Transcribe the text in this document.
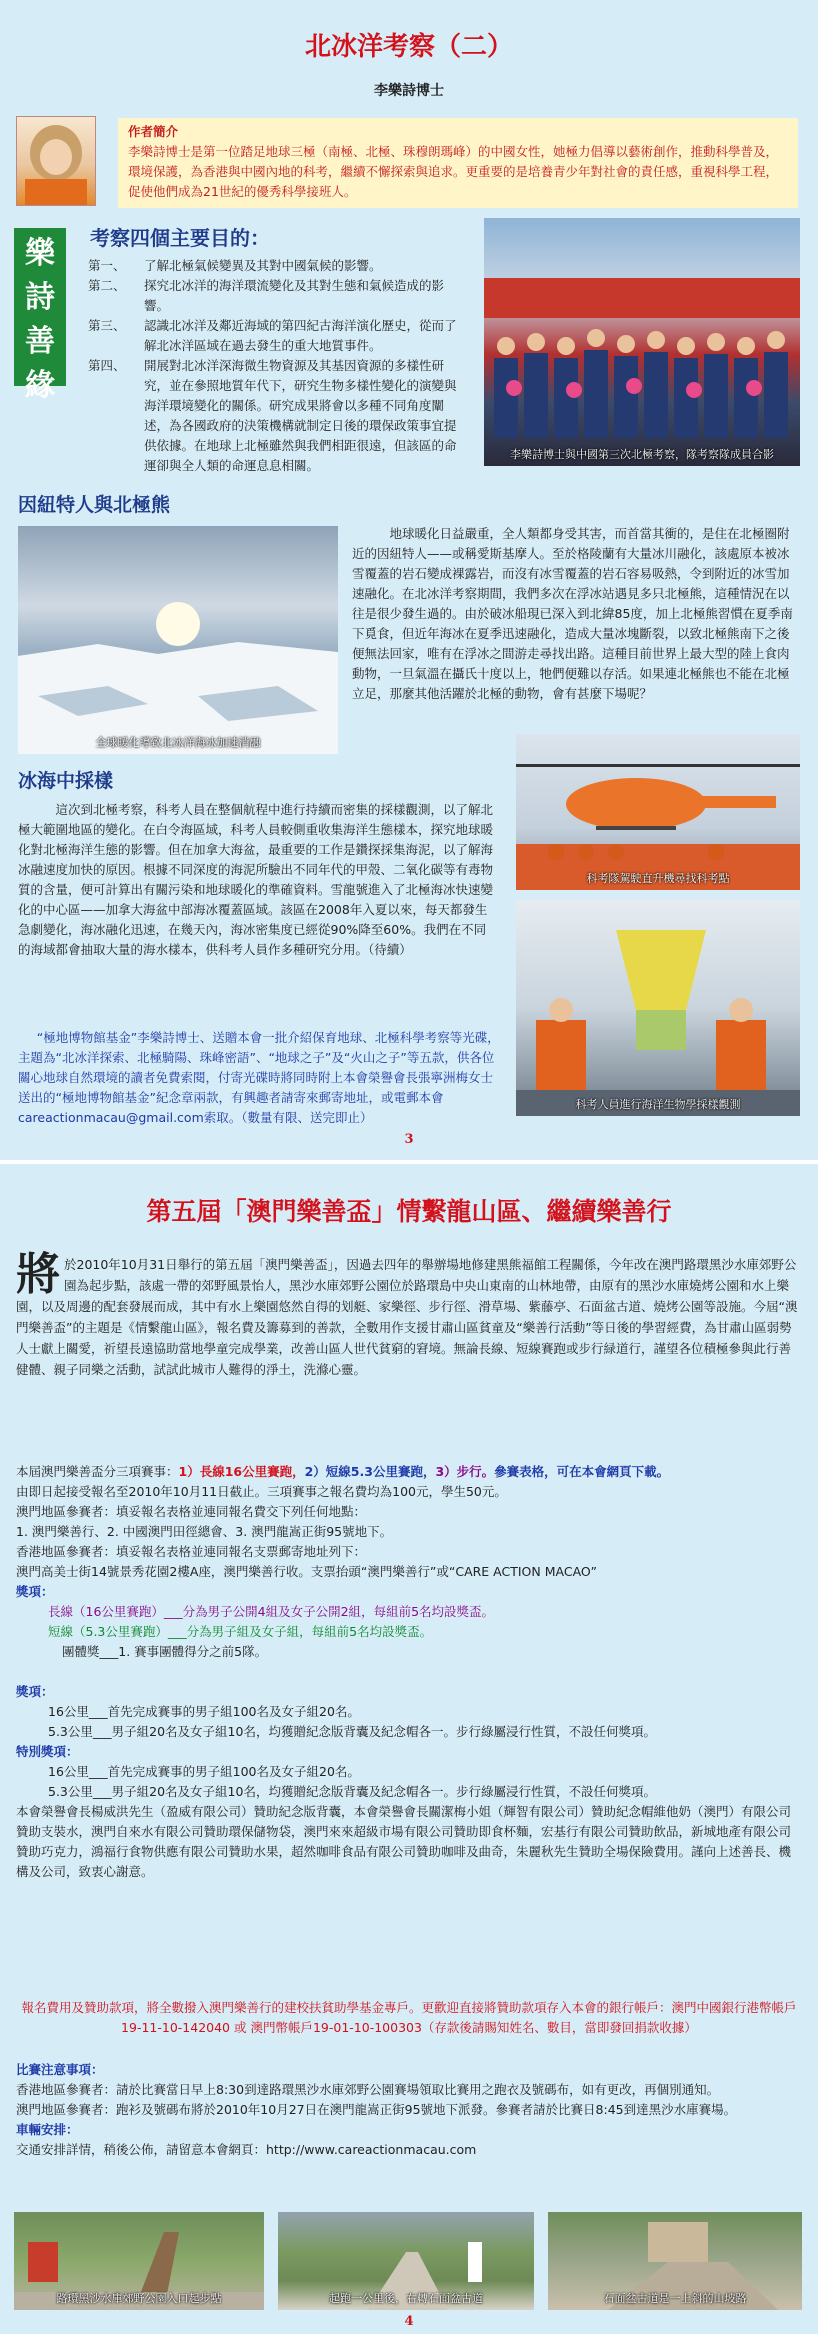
北冰洋考察（二）
李樂詩博士
作者簡介
李樂詩博士是第一位踏足地球三極（南極、北極、珠穆朗瑪峰）的中國女性，她極力倡導以藝術創作，推動科學普及，環境保護，為香港與中國內地的科考，繼續不懈探索與追求。更重要的是培養青少年對社會的責任感，重視科學工程，促使他們成為21世紀的優秀科學接班人。
樂
詩
善
緣
考察四個主要目的：
第一、	了解北極氣候變異及其對中國氣候的影響。
第二、	探究北冰洋的海洋環流變化及其對生態和氣候造成的影響。
第三、	認識北冰洋及鄰近海域的第四紀古海洋演化歷史，從而了解北冰洋區域在過去發生的重大地質事件。
第四、	開展對北冰洋深海微生物資源及其基因資源的多樣性研究，並在參照地質年代下，研究生物多樣性變化的演變與海洋環境變化的關係。研究成果將會以多種不同角度闡述，為各國政府的決策機構就制定日後的環保政策事宜提供依據。在地球上北極雖然與我們相距很遠，但該區的命運卻與全人類的命運息息相關。
李樂詩博士與中國第三次北極考察，隊考察隊成員合影
因紐特人與北極熊
全球暖化導致北冰洋海冰加速消融
地球暖化日益嚴重，全人類都身受其害，而首當其衝的，是住在北極圈附近的因紐特人——或稱愛斯基摩人。至於格陵蘭有大量冰川融化，該處原本被冰雪覆蓋的岩石變成裸露岩，而沒有冰雪覆蓋的岩石容易吸熱，令到附近的冰雪加速融化。在北冰洋考察期間，我們多次在浮冰站遇見多只北極熊，這種情況在以往是很少發生過的。由於破冰船現已深入到北緯85度，加上北極熊習慣在夏季南下覓食，但近年海冰在夏季迅速融化，造成大量冰塊斷裂，以致北極熊南下之後便無法回家，唯有在浮冰之間游走尋找出路。這種目前世界上最大型的陸上食肉動物，一旦氣溫在攝氏十度以上，牠們便難以存活。如果連北極熊也不能在北極立足，那麼其他活躍於北極的動物，會有甚麼下場呢？
冰海中採樣
這次到北極考察，科考人員在整個航程中進行持續而密集的採樣觀測，以了解北極大範圍地區的變化。在白令海區域，科考人員較側重收集海洋生態樣本，探究地球暖化對北極海洋生態的影響。但在加拿大海盆，最重要的工作是鑽探採集海泥，以了解海冰融速度加快的原因。根據不同深度的海泥所驗出不同年代的甲殼、二氧化碳等有毒物質的含量，便可計算出有關污染和地球暖化的準確資料。雪龍號進入了北極海冰快速變化的中心區——加拿大海盆中部海冰覆蓋區域。該區在2008年入夏以來，每天都發生急劇變化，海冰融化迅速，在幾天內，海冰密集度已經從90%降至60%。我們在不同的海域都會抽取大量的海水樣本，供科考人員作多種研究分用。（待續）
科考隊駕駛直升機尋找科考點
科考人員進行海洋生物學採樣觀測
“極地博物館基金”李樂詩博士、送贈本會一批介紹保育地球、北極科學考察等光碟，主題為“北冰洋探索、北極騎陽、珠峰密語”、“地球之子”及“火山之子”等五款，供各位關心地球自然環境的讀者免費索閱，付寄光碟時將同時附上本會榮譽會長張寧洲梅女士送出的“極地博物館基金”紀念章兩款，有興趣者請寄來郵寄地址，或電郵本會careactionmacau@gmail.com索取。（數量有限、送完即止）
3
第五屆「澳門樂善盃」情繫龍山區、繼續樂善行
將 於2010年10月31日舉行的第五屆「澳門樂善盃」，因過去四年的舉辦場地修建黑熊福館工程關係，今年改在澳門路環黑沙水庫郊野公園為起步點，該處一帶的郊野風景怡人，黑沙水庫郊野公園位於路環島中央山東南的山林地帶，由原有的黑沙水庫燒烤公園和水上樂園，以及周邊的配套發展而成，其中有水上樂園悠然自得的划艇、家樂徑、步行徑、滑草場、紫藤亭、石面盆古道、燒烤公園等設施。今屆“澳門樂善盃”的主題是《情繫龍山區》，報名費及籌募到的善款，全數用作支援甘肅山區貧童及“樂善行活動”等日後的學習經費，為甘肅山區弱勢人士獻上關愛，祈望長遠協助當地學童完成學業，改善山區人世代貧窮的窘境。無論長線、短線賽跑或步行緑道行，謹望各位積極參與此行善健體、親子同樂之活動，試試此城市人難得的淨土，洗滌心靈。
本屆澳門樂善盃分三項賽事：1）長線16公里賽跑，2）短線5.3公里賽跑，3）步行。參賽表格，可在本會網頁下載。
由即日起接受報名至2010年10月11日截止。三項賽事之報名費均為100元，學生50元。
澳門地區參賽者：填妥報名表格並連同報名費交下列任何地點：
1. 澳門樂善行、2. 中國澳門田徑總會、3. 澳門龍嵩正街95號地下。
香港地區參賽者：填妥報名表格並連同報名支票郵寄地址列下：
澳門高美士街14號景秀花園2樓A座，澳門樂善行收。支票抬頭“澳門樂善行”或“CARE ACTION MACAO”
獎項：
長線（16公里賽跑）___分為男子公開4組及女子公開2組，每組前5名均設獎盃。
短線（5.3公里賽跑）___分為男子組及女子組，每組前5名均設獎盃。
團體獎___1. 賽事團體得分之前5隊。
獎項：
16公里___首先完成賽事的男子組100名及女子組20名。
5.3公里___男子組20名及女子組10名，均獲贈紀念版背囊及紀念帽各一。步行綠屬浸行性質，不設任何獎項。
特別獎項：
16公里___首先完成賽事的男子組100名及女子組20名。
5.3公里___男子組20名及女子組10名，均獲贈紀念版背囊及紀念帽各一。步行綠屬浸行性質，不設任何獎項。
本會榮譽會長楊威洪先生（盈威有限公司）贊助紀念版背囊，本會榮譽會長關潔梅小姐（輝智有限公司）贊助紀念帽維他奶（澳門）有限公司贊助支裝水，澳門自來水有限公司贊助環保儲物袋，澳門來來超級市場有限公司贊助即食杯麵，宏基行有限公司贊助飲品，新城地產有限公司贊助巧克力，鴻福行食物供應有限公司贊助水果，超然咖啡食品有限公司贊助咖啡及曲奇，朱麗秋先生贊助全場保險費用。謹向上述善長、機構及公司，致衷心謝意。
報名費用及贊助款項，將全數撥入澳門樂善行的建校扶貧助學基金專戶。更歡迎直接將贊助款項存入本會的銀行帳戶：澳門中國銀行港幣帳戶19-11-10-142040 或 澳門幣帳戶19-01-10-100303（存款後請賜知姓名、數目，當即發回捐款收據）
比賽注意事項：
香港地區參賽者：請於比賽當日早上8:30到達路環黑沙水庫郊野公園賽場領取比賽用之跑衣及號碼布，如有更改，再個別通知。
澳門地區參賽者：跑衫及號碼布將於2010年10月27日在澳門龍嵩正街95號地下派發。參賽者請於比賽日8:45到達黑沙水庫賽場。
車輛安排：
交通安排詳情，稍後公佈，請留意本會網頁：http://www.careactionmacau.com
路環黑沙水庫郊野公園入口起步點	起跑一公里後，右轉石面盆古道	石面盆古道是一上斜的山坡路
4
